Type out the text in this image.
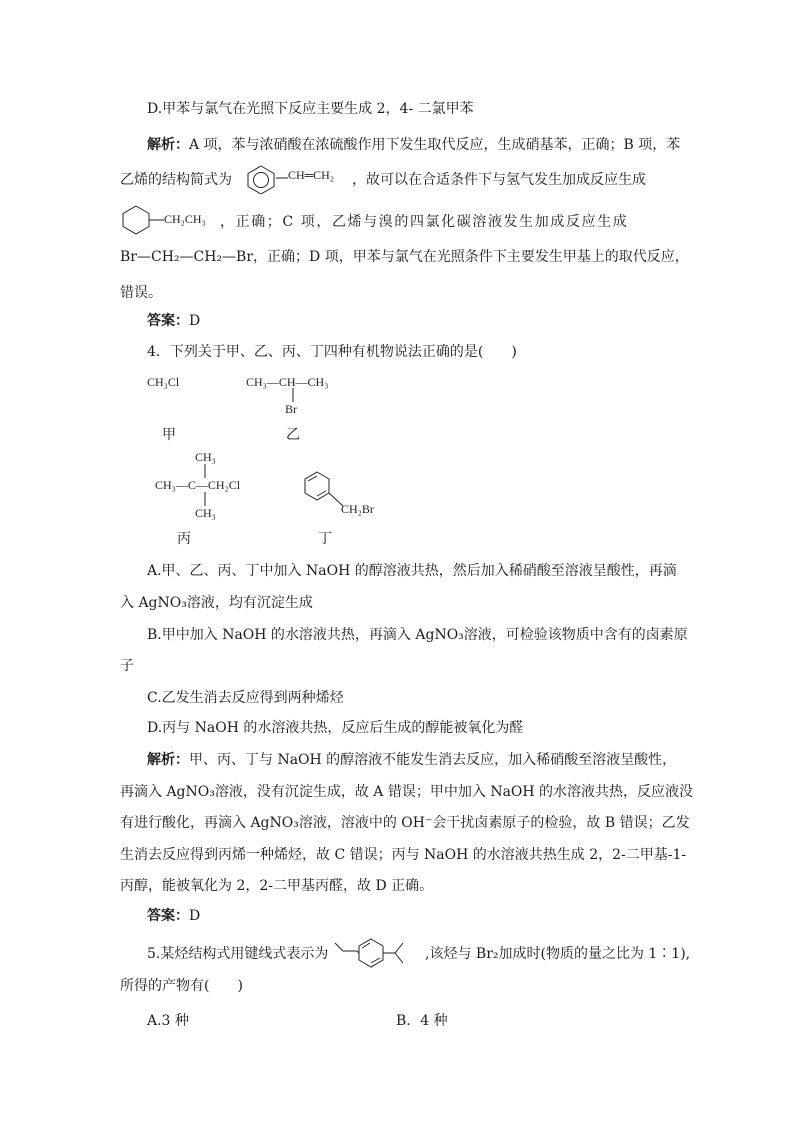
D.甲苯与氯气在光照下反应主要生成 2，4- 二氯甲苯
解析：A 项，苯与浓硝酸在浓硫酸作用下发生取代反应，生成硝基苯，正确；B 项，苯
乙烯的结构简式为	CH═CH₂ ，故可以在合适条件下与氢气发生加成反应生成
CH₂CH₃ ，正确；C 项，乙烯与溴的四氯化碳溶液发生加成反应生成
Br—CH₂—CH₂—Br，正确；D 项，甲苯与氯气在光照条件下主要发生甲基上的取代反应，
错误。
答案：D
4．下列关于甲、乙、丙、丁四种有机物说法正确的是(　　)
CH₃Cl	CH₃—CH—CH₃
Br
甲	乙
CH₃
CH₃—C—CH₂Cl
CH₃	CH₂Br
丙	丁
A.甲、乙、丙、丁中加入 NaOH 的醇溶液共热，然后加入稀硝酸至溶液呈酸性，再滴
入 AgNO₃溶液，均有沉淀生成
B.甲中加入 NaOH 的水溶液共热，再滴入 AgNO₃溶液，可检验该物质中含有的卤素原
子
C.乙发生消去反应得到两种烯烃
D.丙与 NaOH 的水溶液共热，反应后生成的醇能被氧化为醛
解析：甲、丙、丁与 NaOH 的醇溶液不能发生消去反应，加入稀硝酸至溶液呈酸性，
再滴入 AgNO₃溶液，没有沉淀生成，故 A 错误；甲中加入 NaOH 的水溶液共热，反应液没
有进行酸化，再滴入 AgNO₃溶液，溶液中的 OH⁻会干扰卤素原子的检验，故 B 错误；乙发
生消去反应得到丙烯一种烯烃，故 C 错误；丙与 NaOH 的水溶液共热生成 2，2-二甲基-1-
丙醇，能被氧化为 2，2-二甲基丙醛，故 D 正确。
答案：D
5.某烃结构式用键线式表示为	,该烃与 Br₂加成时(物质的量之比为 1∶1),
所得的产物有(　　)
A.3 种	B．4 种
